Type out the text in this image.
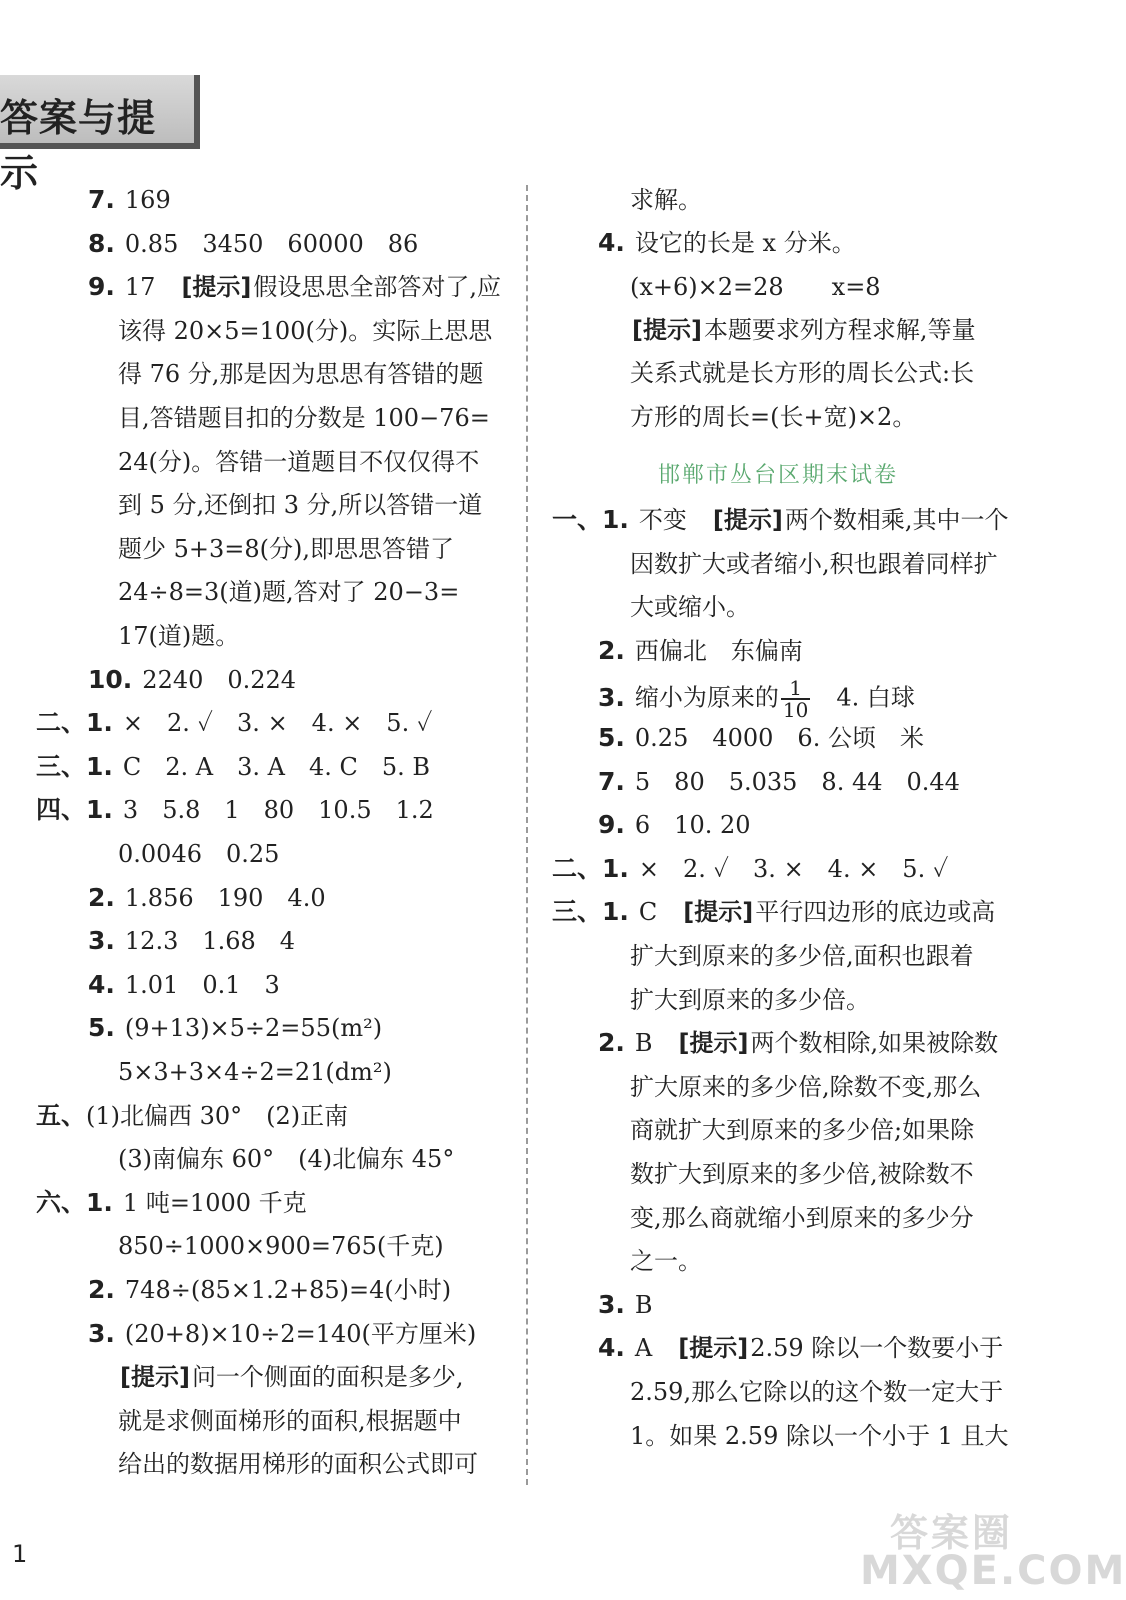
答案与提示
7. 169
8. 0.85　3450　60000　86
9. 17　[提示]假设思思全部答对了,应
该得 20×5=100(分)。实际上思思
得 76 分,那是因为思思有答错的题
目,答错题目扣的分数是 100−76=
24(分)。答错一道题目不仅仅得不
到 5 分,还倒扣 3 分,所以答错一道
题少 5+3=8(分),即思思答错了
24÷8=3(道)题,答对了 20−3=
17(道)题。
10. 2240　0.224
二、1. ×　2. ✓　3. ×　4. ×　5. ✓
三、1. C　2. A　3. A　4. C　5. B
四、1. 3　5.8　1　80　10.5　1.2
0.0046　0.25
2. 1.856　190　4.0
3. 12.3　1.68　4
4. 1.01　0.1　3
5. (9+13)×5÷2=55(m²)
5×3+3×4÷2=21(dm²)
五、(1)北偏西 30°　(2)正南
(3)南偏东 60°　(4)北偏东 45°
六、1. 1 吨=1000 千克
850÷1000×900=765(千克)
2. 748÷(85×1.2+85)=4(小时)
3. (20+8)×10÷2=140(平方厘米)
[提示]问一个侧面的面积是多少,
就是求侧面梯形的面积,根据题中
给出的数据用梯形的面积公式即可
邯郸市丛台区期末试卷
求解。
4. 设它的长是 x 分米。
(x+6)×2=28　　x=8
[提示]本题要求列方程求解,等量
关系式就是长方形的周长公式:长
方形的周长=(长+宽)×2。
一、1. 不变　[提示]两个数相乘,其中一个
因数扩大或者缩小,积也跟着同样扩
大或缩小。
2. 西偏北　东偏南
3. 缩小为原来的 $\frac{1}{10}$ 　4. 白球
5. 0.25　4000　6. 公顷　米
7. 5　80　5.035　8. 44　0.44
9. 6　10. 20
二、1. ×　2. ✓　3. ×　4. ×　5. ✓
三、1. C　[提示]平行四边形的底边或高
扩大到原来的多少倍,面积也跟着
扩大到原来的多少倍。
2. B　[提示]两个数相除,如果被除数
扩大原来的多少倍,除数不变,那么
商就扩大到原来的多少倍;如果除
数扩大到原来的多少倍,被除数不
变,那么商就缩小到原来的多少分
之一。
3. B
4. A　[提示]2.59 除以一个数要小于
2.59,那么它除以的这个数一定大于
1。如果 2.59 除以一个小于 1 且大
1	答案圈
MXQE.COM
